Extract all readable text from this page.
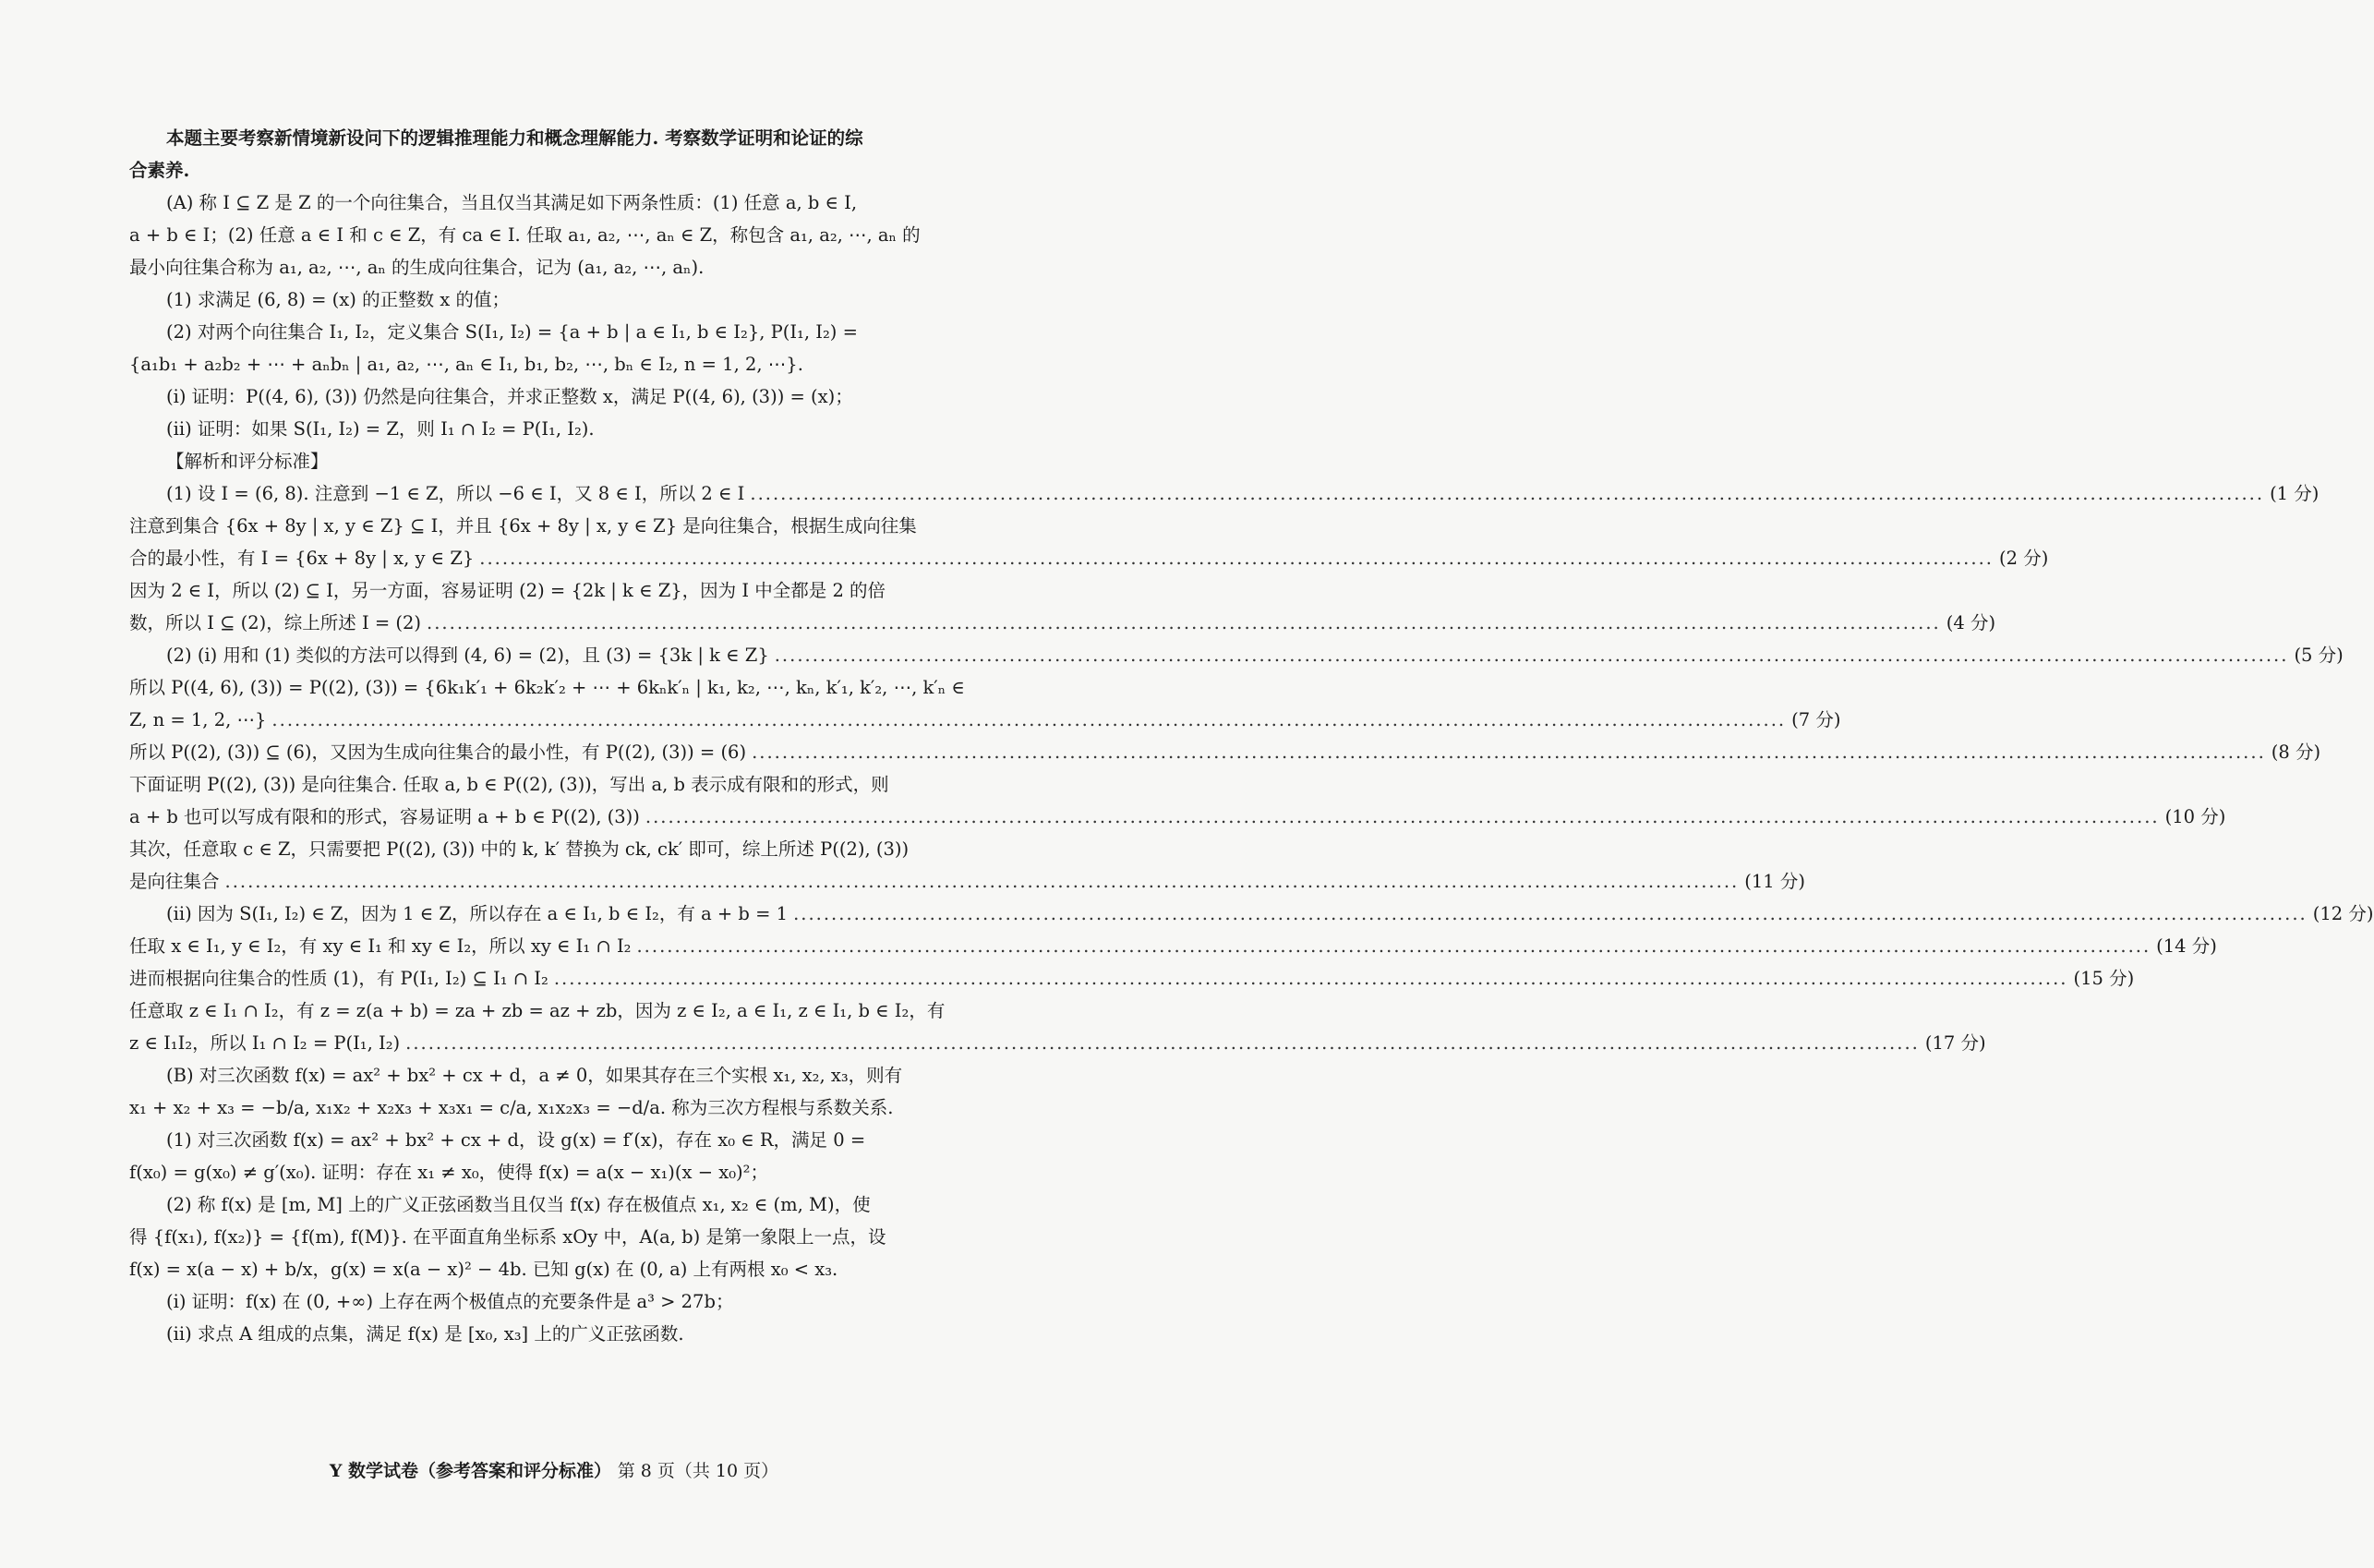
本题主要考察新情境新设问下的逻辑推理能力和概念理解能力. 考察数学证明和论证的综
合素养.
(A) 称 I ⊆ Z 是 Z 的一个向往集合，当且仅当其满足如下两条性质：(1) 任意 a, b ∈ I,
a + b ∈ I；(2) 任意 a ∈ I 和 c ∈ Z，有 ca ∈ I. 任取 a₁, a₂, ⋯, aₙ ∈ Z，称包含 a₁, a₂, ⋯, aₙ 的
最小向往集合称为 a₁, a₂, ⋯, aₙ 的生成向往集合，记为 (a₁, a₂, ⋯, aₙ).
(1) 求满足 (6, 8) = (x) 的正整数 x 的值；
(2) 对两个向往集合 I₁, I₂，定义集合 S(I₁, I₂) = {a + b | a ∈ I₁, b ∈ I₂}, P(I₁, I₂) =
{a₁b₁ + a₂b₂ + ⋯ + aₙbₙ | a₁, a₂, ⋯, aₙ ∈ I₁, b₁, b₂, ⋯, bₙ ∈ I₂, n = 1, 2, ⋯}.
(i) 证明：P((4, 6), (3)) 仍然是向往集合，并求正整数 x，满足 P((4, 6), (3)) = (x)；
(ii) 证明：如果 S(I₁, I₂) = Z，则 I₁ ∩ I₂ = P(I₁, I₂).
【解析和评分标准】
(1) 设 I = (6, 8). 注意到 −1 ∈ Z，所以 −6 ∈ I，又 8 ∈ I，所以 2 ∈ I ........................................................................................................................................................................................................ (1 分)
注意到集合 {6x + 8y | x, y ∈ Z} ⊆ I，并且 {6x + 8y | x, y ∈ Z} 是向往集合，根据生成向往集
合的最小性，有 I = {6x + 8y | x, y ∈ Z} ........................................................................................................................................................................................................ (2 分)
因为 2 ∈ I，所以 (2) ⊆ I，另一方面，容易证明 (2) = {2k | k ∈ Z}，因为 I 中全都是 2 的倍
数，所以 I ⊆ (2)，综上所述 I = (2) ........................................................................................................................................................................................................ (4 分)
(2) (i) 用和 (1) 类似的方法可以得到 (4, 6) = (2)，且 (3) = {3k | k ∈ Z} ........................................................................................................................................................................................................ (5 分)
所以 P((4, 6), (3)) = P((2), (3)) = {6k₁k′₁ + 6k₂k′₂ + ⋯ + 6kₙk′ₙ | k₁, k₂, ⋯, kₙ, k′₁, k′₂, ⋯, k′ₙ ∈
Z, n = 1, 2, ⋯} ........................................................................................................................................................................................................ (7 分)
所以 P((2), (3)) ⊆ (6)，又因为生成向往集合的最小性，有 P((2), (3)) = (6) ........................................................................................................................................................................................................ (8 分)
下面证明 P((2), (3)) 是向往集合. 任取 a, b ∈ P((2), (3))，写出 a, b 表示成有限和的形式，则
a + b 也可以写成有限和的形式，容易证明 a + b ∈ P((2), (3)) ........................................................................................................................................................................................................ (10 分)
其次，任意取 c ∈ Z，只需要把 P((2), (3)) 中的 k, k′ 替换为 ck, ck′ 即可，综上所述 P((2), (3))
是向往集合 ........................................................................................................................................................................................................ (11 分)
(ii) 因为 S(I₁, I₂) ∈ Z，因为 1 ∈ Z，所以存在 a ∈ I₁, b ∈ I₂，有 a + b = 1 ........................................................................................................................................................................................................ (12 分)
任取 x ∈ I₁, y ∈ I₂，有 xy ∈ I₁ 和 xy ∈ I₂，所以 xy ∈ I₁ ∩ I₂ ........................................................................................................................................................................................................ (14 分)
进而根据向往集合的性质 (1)，有 P(I₁, I₂) ⊆ I₁ ∩ I₂ ........................................................................................................................................................................................................ (15 分)
任意取 z ∈ I₁ ∩ I₂，有 z = z(a + b) = za + zb = az + zb，因为 z ∈ I₂, a ∈ I₁, z ∈ I₁, b ∈ I₂，有
z ∈ I₁I₂，所以 I₁ ∩ I₂ = P(I₁, I₂) ........................................................................................................................................................................................................ (17 分)
(B) 对三次函数 f(x) = ax² + bx² + cx + d，a ≠ 0，如果其存在三个实根 x₁, x₂, x₃，则有
x₁ + x₂ + x₃ = −b/a, x₁x₂ + x₂x₃ + x₃x₁ = c/a, x₁x₂x₃ = −d/a. 称为三次方程根与系数关系.
(1) 对三次函数 f(x) = ax² + bx² + cx + d，设 g(x) = f′(x)，存在 x₀ ∈ R，满足 0 =
f(x₀) = g(x₀) ≠ g′(x₀). 证明：存在 x₁ ≠ x₀，使得 f(x) = a(x − x₁)(x − x₀)²；
(2) 称 f(x) 是 [m, M] 上的广义正弦函数当且仅当 f(x) 存在极值点 x₁, x₂ ∈ (m, M)，使
得 {f(x₁), f(x₂)} = {f(m), f(M)}. 在平面直角坐标系 xOy 中，A(a, b) 是第一象限上一点，设
f(x) = x(a − x) + b/x，g(x) = x(a − x)² − 4b. 已知 g(x) 在 (0, a) 上有两根 x₀ < x₃.
(i) 证明：f(x) 在 (0, +∞) 上存在两个极值点的充要条件是 a³ > 27b；
(ii) 求点 A 组成的点集，满足 f(x) 是 [x₀, x₃] 上的广义正弦函数.
Y 数学试卷（参考答案和评分标准） 第 8 页（共 10 页）
